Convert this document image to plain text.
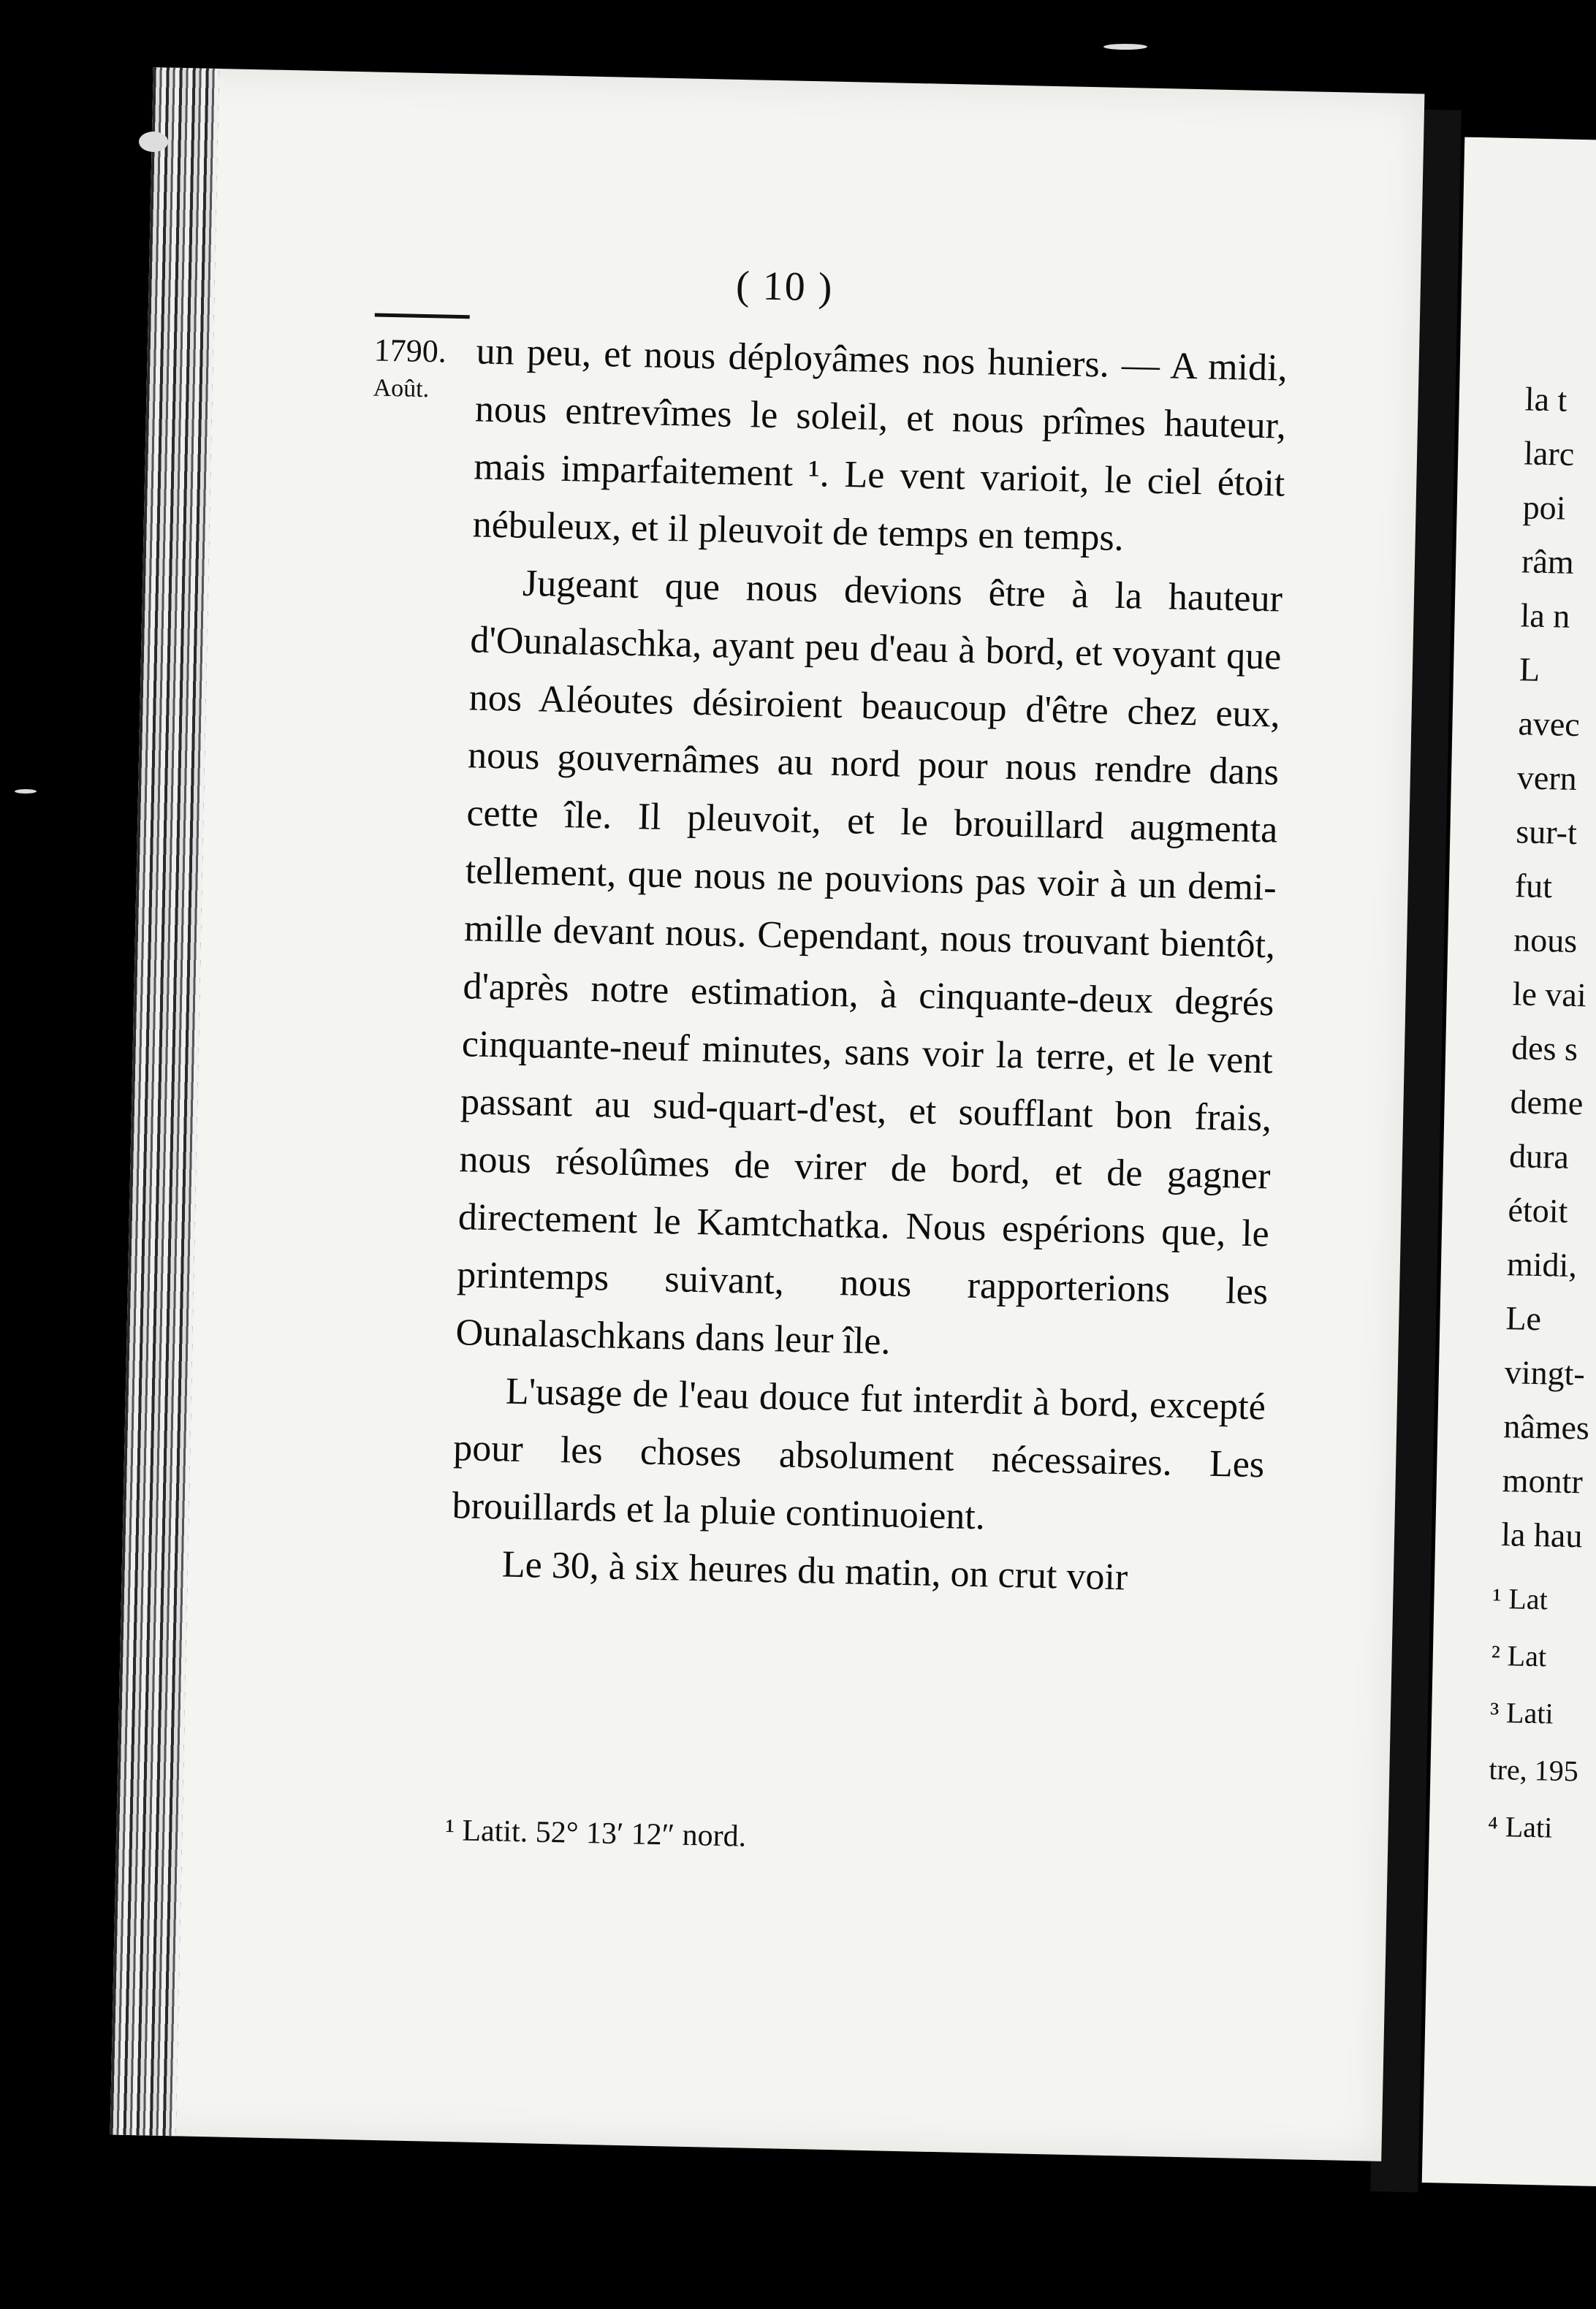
( 10 )
1790.
Août.	un peu, et nous déployâmes nos huniers. — A midi, nous entrevîmes le soleil, et nous prîmes hauteur, mais imparfaitement ¹. Le vent varioit, le ciel étoit nébuleux, et il pleuvoit de temps en temps.

Jugeant que nous devions être à la hauteur d'Ounalaschka, ayant peu d'eau à bord, et voyant que nos Aléoutes désiroient beaucoup d'être chez eux, nous gouvernâmes au nord pour nous rendre dans cette île. Il pleuvoit, et le brouillard augmenta tellement, que nous ne pouvions pas voir à un demi-mille devant nous. Cependant, nous trouvant bientôt, d'après notre estimation, à cinquante-deux degrés cinquante-neuf minutes, sans voir la terre, et le vent passant au sud-quart-d'est, et soufflant bon frais, nous résolûmes de virer de bord, et de gagner directement le Kamtchatka. Nous espérions que, le printemps suivant, nous rapporterions les Ounalaschkans dans leur île.

L'usage de l'eau douce fut interdit à bord, excepté pour les choses absolument nécessaires. Les brouillards et la pluie continuoient.

Le 30, à six heures du matin, on crut voir

¹ Latit. 52° 13′ 12″ nord.
la t
larc
poi
râm
la n
L
avec
vern
sur-t
fut
nous
le vai
des s
deme
dura
étoit
midi,
Le
vingt-
nâmes
montr
la hau
¹ Lat
² Lat
³ Lati
tre, 195
⁴ Lati
